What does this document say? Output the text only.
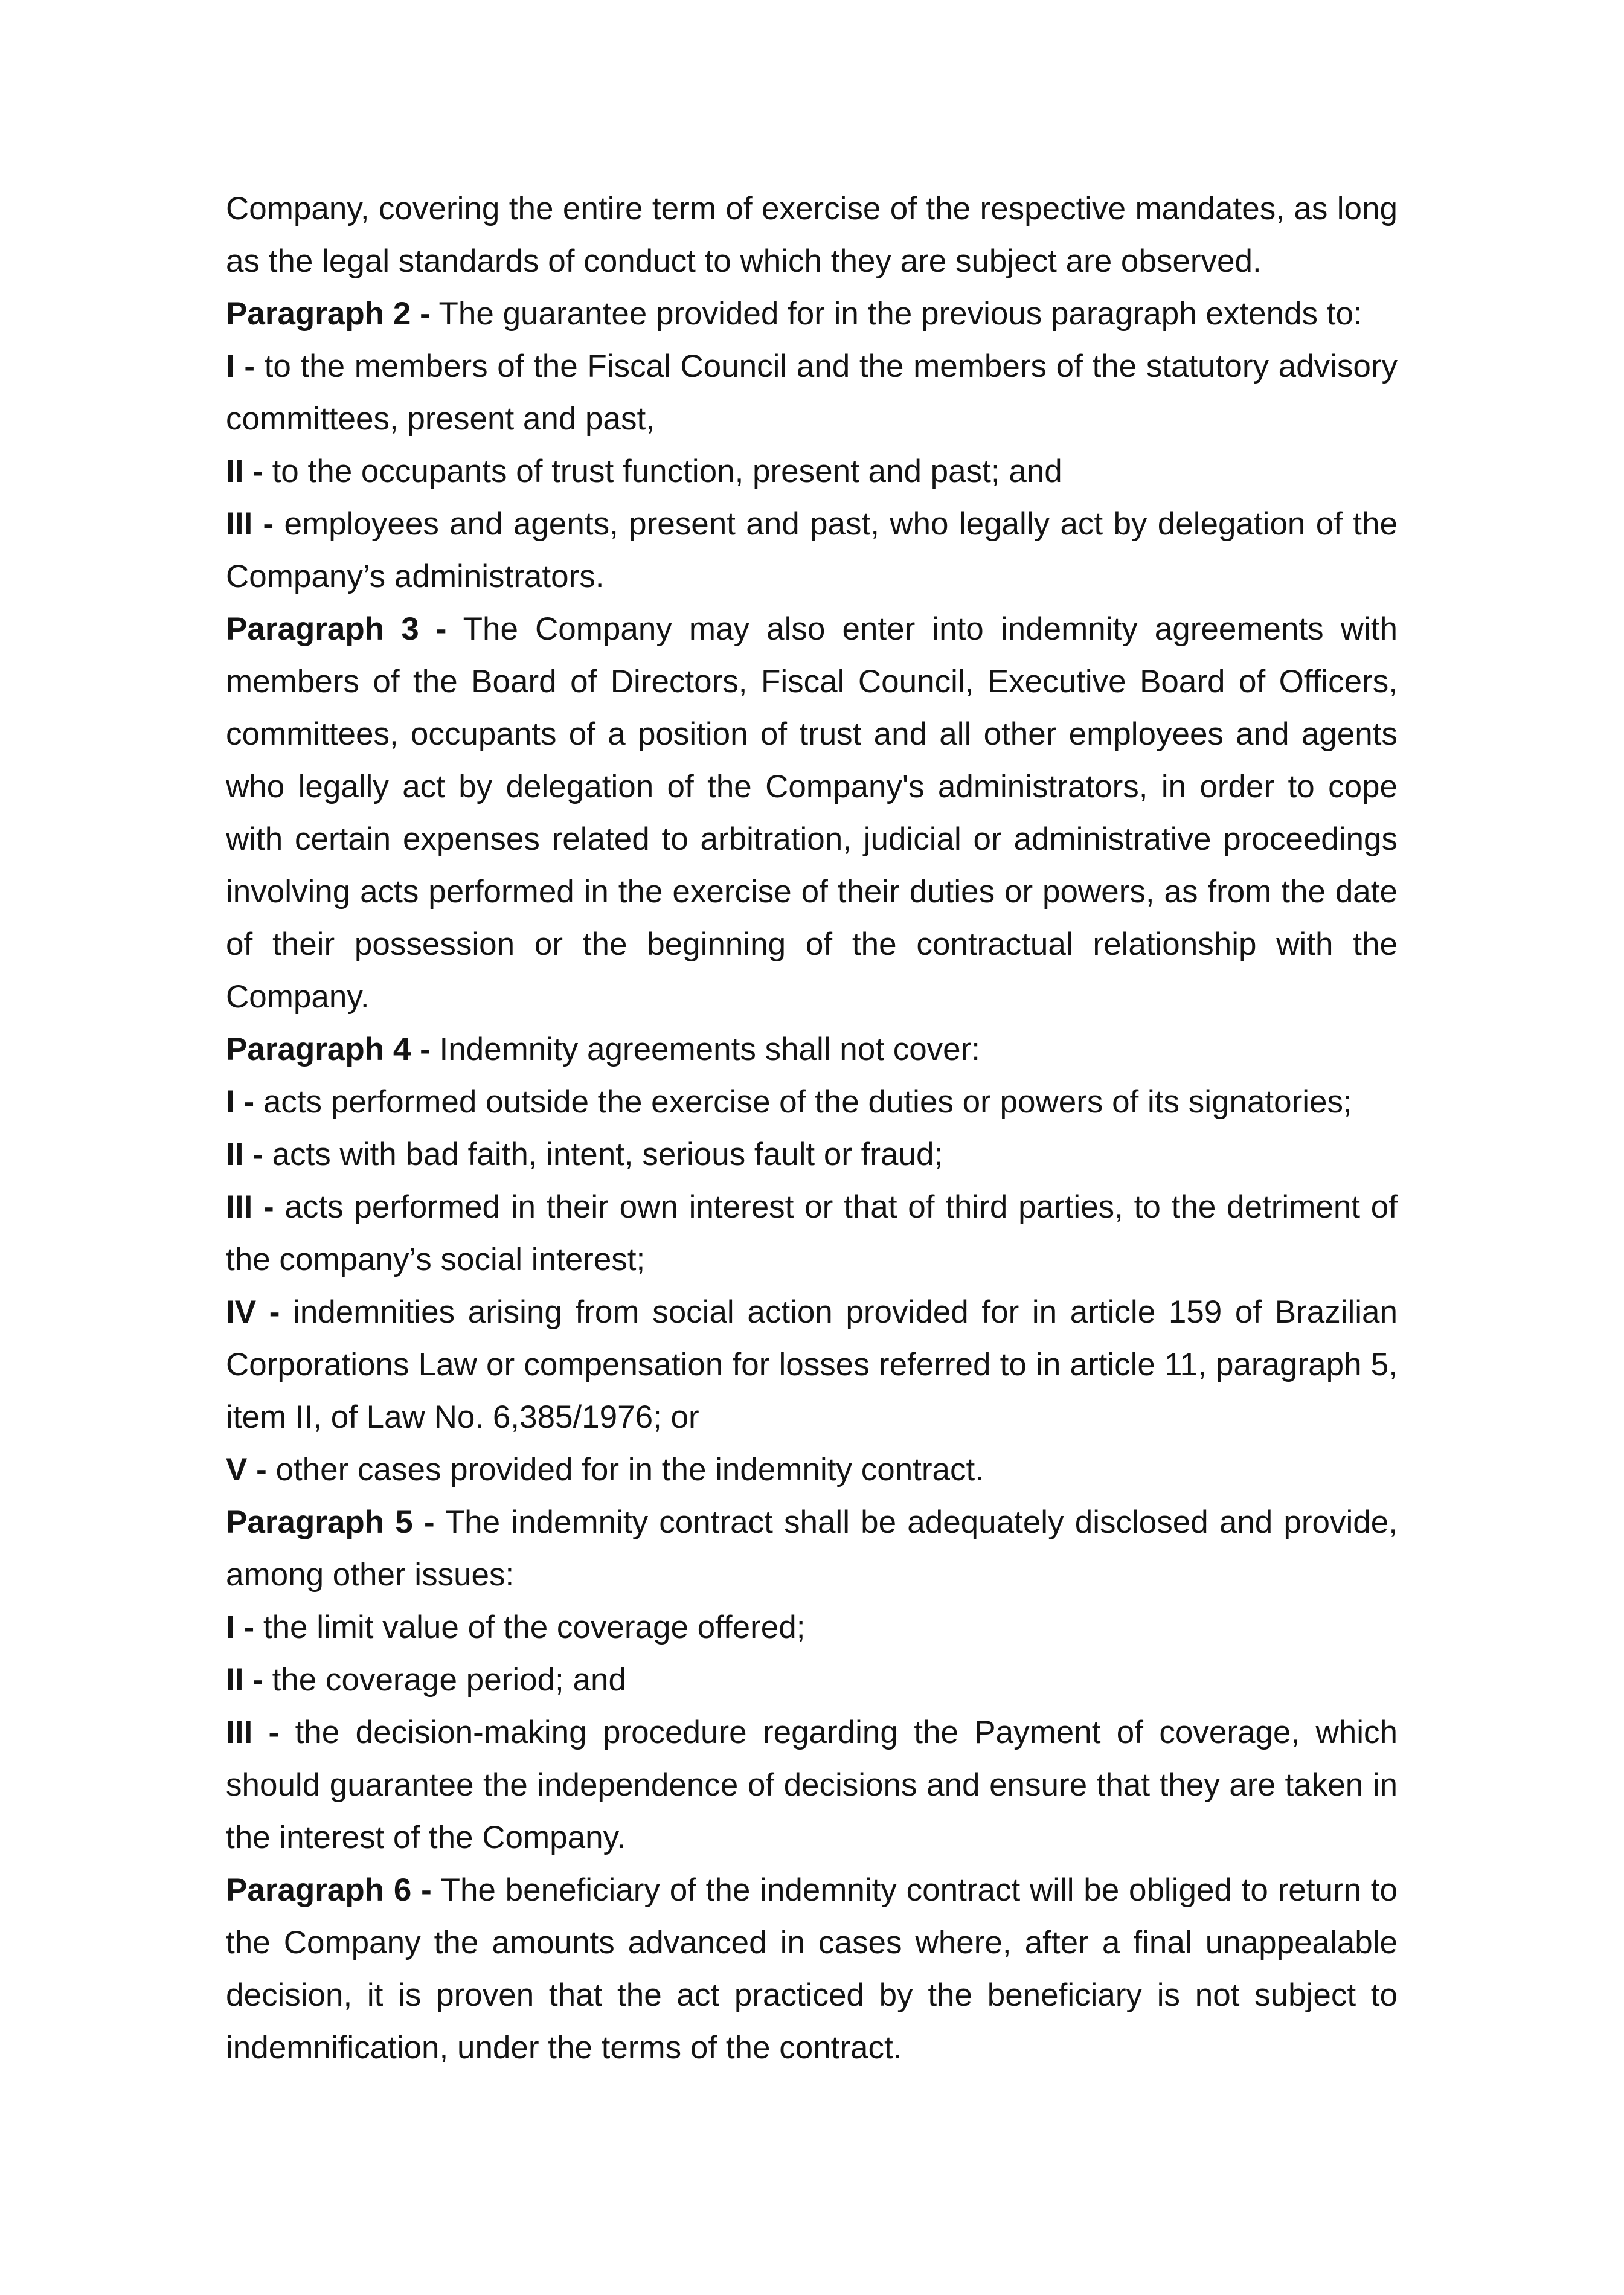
Company, covering the entire term of exercise of the respective mandates, as long as the legal standards of conduct to which they are subject are observed.

Paragraph 2 - The guarantee provided for in the previous paragraph extends to:

I - to the members of the Fiscal Council and the members of the statutory advisory committees, present and past,

II - to the occupants of trust function, present and past; and

III - employees and agents, present and past, who legally act by delegation of the Company’s administrators.

Paragraph 3 - The Company may also enter into indemnity agreements with members of the Board of Directors, Fiscal Council, Executive Board of Officers, committees, occupants of a position of trust and all other employees and agents who legally act by delegation of the Company's administrators, in order to cope with certain expenses related to arbitration, judicial or administrative proceedings involving acts performed in the exercise of their duties or powers, as from the date of their possession or the beginning of the contractual relationship with the Company.

Paragraph 4 - Indemnity agreements shall not cover:

I - acts performed outside the exercise of the duties or powers of its signatories;

II - acts with bad faith, intent, serious fault or fraud;

III - acts performed in their own interest or that of third parties, to the detriment of the company’s social interest;

IV - indemnities arising from social action provided for in article 159 of Brazilian Corporations Law or compensation for losses referred to in article 11, paragraph 5, item II, of Law No. 6,385/1976; or

V - other cases provided for in the indemnity contract.

Paragraph 5 - The indemnity contract shall be adequately disclosed and provide, among other issues:

I - the limit value of the coverage offered;

II - the coverage period; and

III - the decision-making procedure regarding the Payment of coverage, which should guarantee the independence of decisions and ensure that they are taken in the interest of the Company.

Paragraph 6 - The beneficiary of the indemnity contract will be obliged to return to the Company the amounts advanced in cases where, after a final unappealable decision, it is proven that the act practiced by the beneficiary is not subject to indemnification, under the terms of the contract.
